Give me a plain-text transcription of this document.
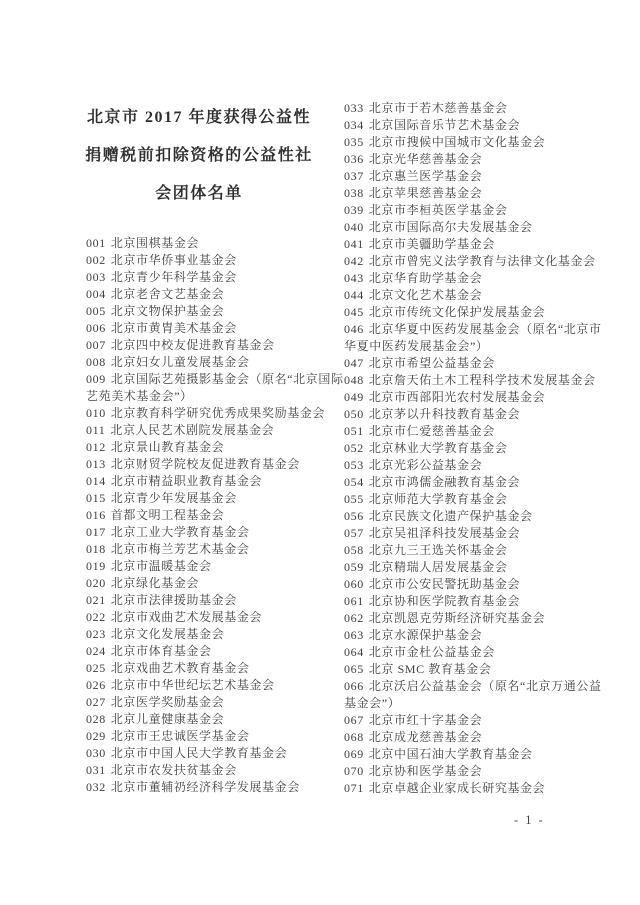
北京市 2017 年度获得公益性
捐赠税前扣除资格的公益性社
会团体名单
001 北京围棋基金会
002 北京市华侨事业基金会
003 北京青少年科学基金会
004 北京老舍文艺基金会
005 北京文物保护基金会
006 北京市黄胄美术基金会
007 北京四中校友促进教育基金会
008 北京妇女儿童发展基金会
009 北京国际艺苑摄影基金会（原名“北京国际艺苑美术基金会”）
010 北京教育科学研究优秀成果奖励基金会
011 北京人民艺术剧院发展基金会
012 北京景山教育基金会
013 北京财贸学院校友促进教育基金会
014 北京市精益职业教育基金会
015 北京青少年发展基金会
016 首都文明工程基金会
017 北京工业大学教育基金会
018 北京市梅兰芳艺术基金会
019 北京市温暖基金会
020 北京绿化基金会
021 北京市法律援助基金会
022 北京市戏曲艺术发展基金会
023 北京文化发展基金会
024 北京市体育基金会
025 北京戏曲艺术教育基金会
026 北京市中华世纪坛艺术基金会
027 北京医学奖励基金会
028 北京儿童健康基金会
029 北京市王忠诚医学基金会
030 北京市中国人民大学教育基金会
031 北京市农发扶贫基金会
032 北京市董辅礽经济科学发展基金会
033 北京市于若木慈善基金会
034 北京国际音乐节艺术基金会
035 北京市搜候中国城市文化基金会
036 北京光华慈善基金会
037 北京惠兰医学基金会
038 北京苹果慈善基金会
039 北京市李桓英医学基金会
040 北京市国际高尔夫发展基金会
041 北京市美疆助学基金会
042 北京市曾宪义法学教育与法律文化基金会
043 北京华育助学基金会
044 北京文化艺术基金会
045 北京市传统文化保护发展基金会
046 北京华夏中医药发展基金会（原名“北京市华夏中医药发展基金会”）
047 北京市希望公益基金会
048 北京詹天佑土木工程科学技术发展基金会
049 北京市西部阳光农村发展基金会
050 北京茅以升科技教育基金会
051 北京市仁爱慈善基金会
052 北京林业大学教育基金会
053 北京光彩公益基金会
054 北京市鸿儒金融教育基金会
055 北京师范大学教育基金会
056 北京民族文化遗产保护基金会
057 北京吴祖泽科技发展基金会
058 北京九三王选关怀基金会
059 北京精瑞人居发展基金会
060 北京市公安民警抚助基金会
061 北京协和医学院教育基金会
062 北京凯恩克劳斯经济研究基金会
063 北京水源保护基金会
064 北京市金杜公益基金会
065 北京 SMC 教育基金会
066 北京沃启公益基金会（原名“北京万通公益基金会”）
067 北京市红十字基金会
068 北京成龙慈善基金会
069 北京中国石油大学教育基金会
070 北京协和医学基金会
071 北京卓越企业家成长研究基金会
- 1 -
